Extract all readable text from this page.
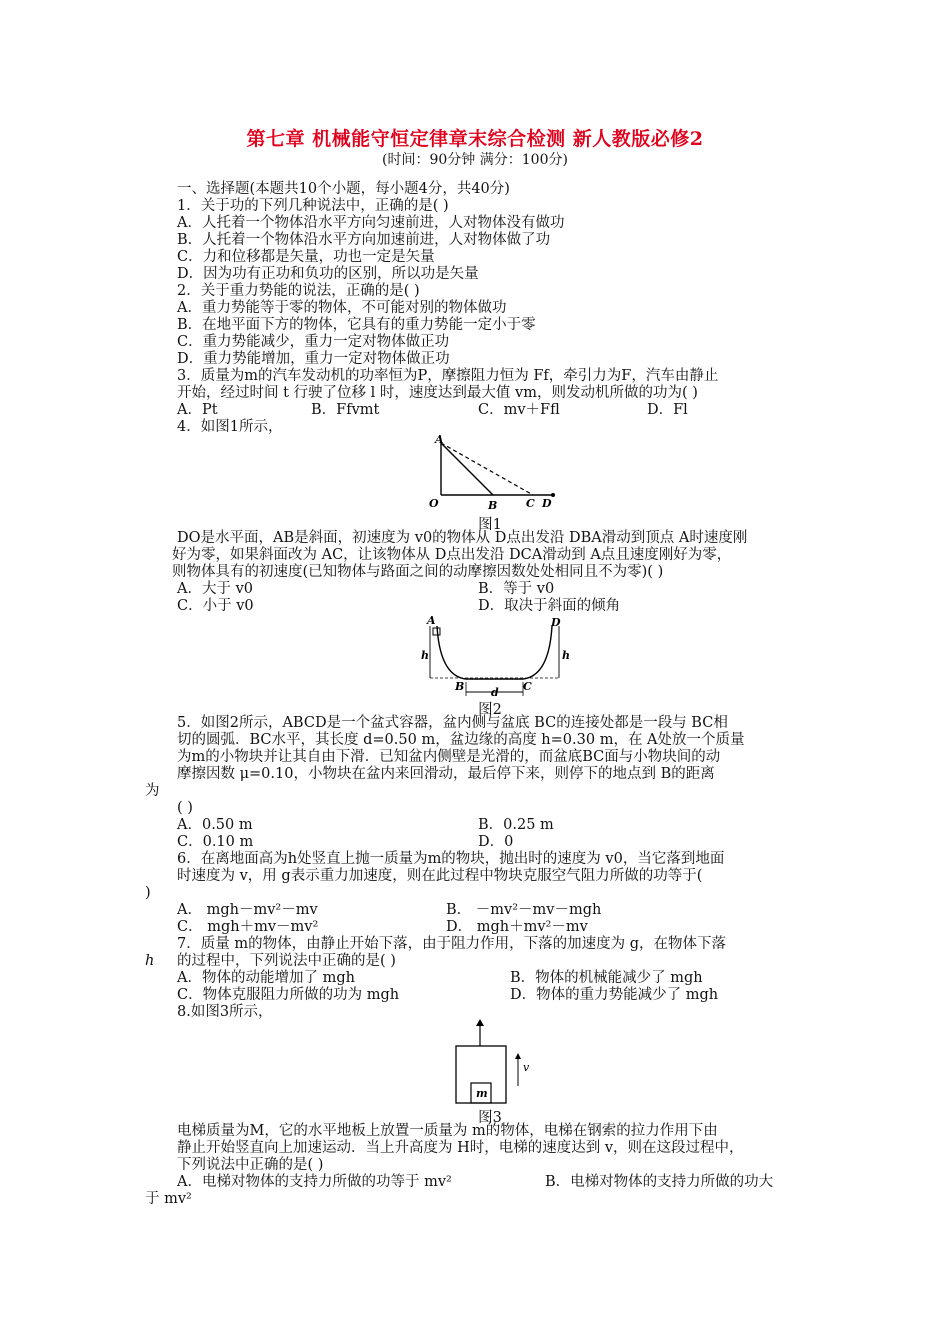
第七章 机械能守恒定律章末综合检测 新人教版必修2
(时间：90分钟 满分：100分)
一、选择题(本题共10个小题，每小题4分，共40分)
1．关于功的下列几种说法中，正确的是( )
A．人托着一个物体沿水平方向匀速前进，人对物体没有做功
B．人托着一个物体沿水平方向加速前进，人对物体做了功
C．力和位移都是矢量，功也一定是矢量
D．因为功有正功和负功的区别，所以功是矢量
2．关于重力势能的说法，正确的是( )
A．重力势能等于零的物体，不可能对别的物体做功
B．在地平面下方的物体，它具有的重力势能一定小于零
C．重力势能减少，重力一定对物体做正功
D．重力势能增加，重力一定对物体做正功
3．质量为m的汽车发动机的功率恒为P，摩擦阻力恒为 Ff，牵引力为F，汽车由静止
开始，经过时间 t 行驶了位移 l 时，速度达到最大值 vm，则发动机所做的功为( )
A．Pt	B．Ffvmt	C．mv＋Ffl	D．Fl
4．如图1所示，
A
O	B	C D
图1
DO是水平面，AB是斜面，初速度为 v0的物体从 D点出发沿 DBA滑动到顶点 A时速度刚
好为零，如果斜面改为 AC，让该物体从 D点出发沿 DCA滑动到 A点且速度刚好为零，
则物体具有的初速度(已知物体与路面之间的动摩擦因数处处相同且不为零)( )
A．大于 v0	B．等于 v0
C．小于 v0	D．取决于斜面的倾角
A	D
h	h
B d C
图2
5．如图2所示，ABCD是一个盆式容器，盆内侧与盆底 BC的连接处都是一段与 BC相
切的圆弧．BC水平，其长度 d=0.50 m，盆边缘的高度 h=0.30 m，在 A处放一个质量
为m的小物块并让其自由下滑．已知盆内侧壁是光滑的，而盆底BC面与小物块间的动
摩擦因数 μ=0.10，小物块在盆内来回滑动，最后停下来，则停下的地点到 B的距离
为
( )
A．0.50 m	B．0.25 m
C．0.10 m	D．0
6．在离地面高为h处竖直上抛一质量为m的物块，抛出时的速度为 v0，当它落到地面
时速度为 v，用 g表示重力加速度，则在此过程中物块克服空气阻力所做的功等于(
)
A． mgh－mv²－mv	B． －mv²－mv－mgh
C． mgh＋mv－mv²	D． mgh＋mv²－mv
7．质量 m的物体，由静止开始下落，由于阻力作用，下落的加速度为 g，在物体下落
h 的过程中，下列说法中正确的是( )
A．物体的动能增加了 mgh	B．物体的机械能减少了 mgh
C．物体克服阻力所做的功为 mgh	D．物体的重力势能减少了 mgh
8.如图3所示，
v
m
图3
电梯质量为M，它的水平地板上放置一质量为 m的物体，电梯在钢索的拉力作用下由
静止开始竖直向上加速运动．当上升高度为 H时，电梯的速度达到 v，则在这段过程中，
下列说法中正确的是( )
A．电梯对物体的支持力所做的功等于 mv²	B．电梯对物体的支持力所做的功大
于 mv²
